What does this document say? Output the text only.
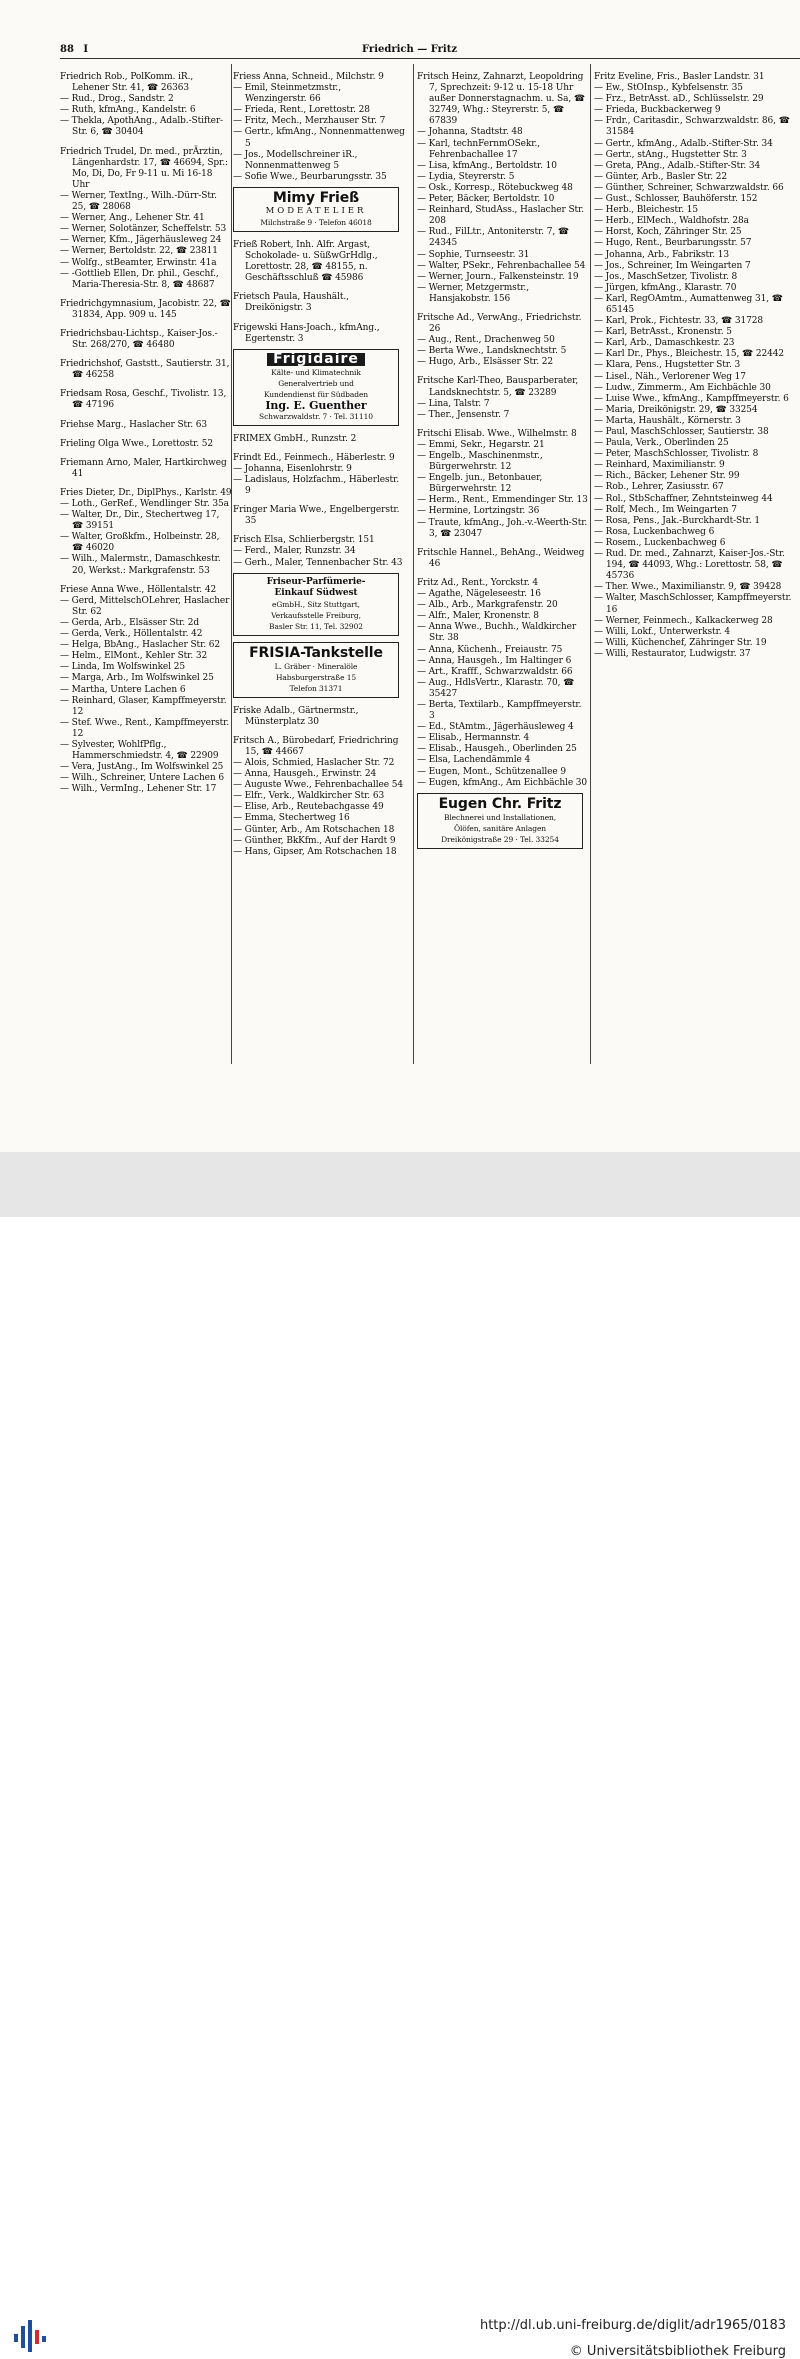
88 I	Friedrich — Fritz

Friedrich Rob., PolKomm. iR., Lehener Str. 41, ☎ 26363

— Rud., Drog., Sandstr. 2

— Ruth, kfmAng., Kandelstr. 6

— Thekla, ApothAng., Adalb.-Stifter-Str. 6, ☎ 30404

Friedrich Trudel, Dr. med., prÄrztin, Längenhardstr. 17, ☎ 46694, Spr.: Mo, Di, Do, Fr 9-11 u. Mi 16-18 Uhr

— Werner, TextIng., Wilh.-Dürr-Str. 25, ☎ 28068

— Werner, Ang., Lehener Str. 41

— Werner, Solotänzer, Scheffelstr. 53

— Werner, Kfm., Jägerhäusleweg 24

— Werner, Bertoldstr. 22, ☎ 23811

— Wolfg., stBeamter, Erwinstr. 41a

— -Gottlieb Ellen, Dr. phil., Geschf., Maria-Theresia-Str. 8, ☎ 48687

Friedrichgymnasium, Jacobistr. 22, ☎ 31834, App. 909 u. 145

Friedrichsbau-Lichtsp., Kaiser-Jos.-Str. 268/270, ☎ 46480

Friedrichshof, Gaststt., Sautierstr. 31, ☎ 46258

Friedsam Rosa, Geschf., Tivolistr. 13, ☎ 47196

Friehse Marg., Haslacher Str. 63

Frieling Olga Wwe., Lorettostr. 52

Friemann Arno, Maler, Hartkirchweg 41

Fries Dieter, Dr., DiplPhys., Karlstr. 49

— Loth., GerRef., Wendlinger Str. 35a

— Walter, Dr., Dir., Stechertweg 17, ☎ 39151

— Walter, Großkfm., Holbeinstr. 28, ☎ 46020

— Wilh., Malermstr., Damaschkestr. 20, Werkst.: Markgrafenstr. 53

Friese Anna Wwe., Höllentalstr. 42

— Gerd, MittelschOLehrer, Haslacher Str. 62

— Gerda, Arb., Elsässer Str. 2d

— Gerda, Verk., Höllentalstr. 42

— Helga, BbAng., Haslacher Str. 62

— Helm., ElMont., Kehler Str. 32

— Linda, Im Wolfswinkel 25

— Marga, Arb., Im Wolfswinkel 25

— Martha, Untere Lachen 6

— Reinhard, Glaser, Kampffmeyerstr. 12

— Stef. Wwe., Rent., Kampffmeyerstr. 12

— Sylvester, WohlfPflg., Hammerschmiedstr. 4, ☎ 22909

— Vera, JustAng., Im Wolfswinkel 25

— Wilh., Schreiner, Untere Lachen 6

— Wilh., VermIng., Lehener Str. 17

Friess Anna, Schneid., Milchstr. 9

— Emil, Steinmetzmstr., Wenzingerstr. 66

— Frieda, Rent., Lorettostr. 28

— Fritz, Mech., Merzhauser Str. 7

— Gertr., kfmAng., Nonnenmattenweg 5

— Jos., Modellschreiner iR., Nonnenmattenweg 5

— Sofie Wwe., Beurbarungsstr. 35

Mimy Frieß
MODEATELIER
Milchstraße 9 · Telefon 46018

Frieß Robert, Inh. Alfr. Argast, Schokolade- u. SüßwGrHdlg., Lorettostr. 28, ☎ 48155, n. Geschäftsschluß ☎ 45986

Frietsch Paula, Haushält., Dreikönigstr. 3

Frigewski Hans-Joach., kfmAng., Egertenstr. 3

Frigidaire
Kälte- und Klimatechnik
Generalvertrieb und
Kundendienst für Südbaden
Ing. E. Guenther
Schwarzwaldstr. 7 · Tel. 31110

FRIMEX GmbH., Runzstr. 2

Frindt Ed., Feinmech., Häberlestr. 9

— Johanna, Eisenlohrstr. 9

— Ladislaus, Holzfachm., Häberlestr. 9

Fringer Maria Wwe., Engelbergerstr. 35

Frisch Elsa, Schlierbergstr. 151

— Ferd., Maler, Runzstr. 34

— Gerh., Maler, Tennenbacher Str. 43

Friseur-Parfümerie-
Einkauf Südwest
eGmbH., Sitz Stuttgart,
Verkaufsstelle Freiburg,
Basler Str. 11, Tel. 32902
FRISIA-Tankstelle
L. Gräber · Mineralöle
Habsburgerstraße 15
Telefon 31371

Friske Adalb., Gärtnermstr., Münsterplatz 30

Fritsch A., Bürobedarf, Friedrichring 15, ☎ 44667

— Alois, Schmied, Haslacher Str. 72

— Anna, Hausgeh., Erwinstr. 24

— Auguste Wwe., Fehrenbachallee 54

— Elfr., Verk., Waldkircher Str. 63

— Elise, Arb., Reutebachgasse 49

— Emma, Stechertweg 16

— Günter, Arb., Am Rotschachen 18

— Günther, BkKfm., Auf der Hardt 9

— Hans, Gipser, Am Rotschachen 18

Fritsch Heinz, Zahnarzt, Leopoldring 7, Sprechzeit: 9-12 u. 15-18 Uhr außer Donnerstagnachm. u. Sa, ☎ 32749, Whg.: Steyrerstr. 5, ☎ 67839

— Johanna, Stadtstr. 48

— Karl, technFernmOSekr., Fehrenbachallee 17

— Lisa, kfmAng., Bertoldstr. 10

— Lydia, Steyrerstr. 5

— Osk., Korresp., Rötebuckweg 48

— Peter, Bäcker, Bertoldstr. 10

— Reinhard, StudAss., Haslacher Str. 208

— Rud., FilLtr., Antoniterstr. 7, ☎ 24345

— Sophie, Turnseestr. 31

— Walter, PSekr., Fehrenbachallee 54

— Werner, Journ., Falkensteinstr. 19

— Werner, Metzgermstr., Hansjakobstr. 156

Fritsche Ad., VerwAng., Friedrichstr. 26

— Aug., Rent., Drachenweg 50

— Berta Wwe., Landsknechtstr. 5

— Hugo, Arb., Elsässer Str. 22

Fritsche Karl-Theo, Bausparberater, Landsknechtstr. 5, ☎ 23289

— Lina, Talstr. 7

— Ther., Jensenstr. 7

Fritschi Elisab. Wwe., Wilhelmstr. 8

— Emmi, Sekr., Hegarstr. 21

— Engelb., Maschinenmstr., Bürgerwehrstr. 12

— Engelb. jun., Betonbauer, Bürgerwehrstr. 12

— Herm., Rent., Emmendinger Str. 13

— Hermine, Lortzingstr. 36

— Traute, kfmAng., Joh.-v.-Weerth-Str. 3, ☎ 23047

Fritschle Hannel., BehAng., Weidweg 46

Fritz Ad., Rent., Yorckstr. 4

— Agathe, Nägeleseestr. 16

— Alb., Arb., Markgrafenstr. 20

— Alfr., Maler, Kronenstr. 8

— Anna Wwe., Buchh., Waldkircher Str. 38

— Anna, Küchenh., Freiaustr. 75

— Anna, Hausgeh., Im Haltinger 6

— Art., Krafff., Schwarzwaldstr. 66

— Aug., HdlsVertr., Klarastr. 70, ☎ 35427

— Berta, Textilarb., Kampffmeyerstr. 3

— Ed., StAmtm., Jägerhäusleweg 4

— Elisab., Hermannstr. 4

— Elisab., Hausgeh., Oberlinden 25

— Elsa, Lachendämmle 4

— Eugen, Mont., Schützenallee 9

— Eugen, kfmAng., Am Eichbächle 30

Eugen Chr. Fritz
Blechnerei und Installationen,
Ölöfen, sanitäre Anlagen
Dreikönigstraße 29 · Tel. 33254

Fritz Eveline, Fris., Basler Landstr. 31

— Ew., StOInsp., Kybfelsenstr. 35

— Frz., BetrAsst. aD., Schlüsselstr. 29

— Frieda, Buckbackerweg 9

— Frdr., Caritasdir., Schwarzwaldstr. 86, ☎ 31584

— Gertr., kfmAng., Adalb.-Stifter-Str. 34

— Gertr., stAng., Hugstetter Str. 3

— Greta, PAng., Adalb.-Stifter-Str. 34

— Günter, Arb., Basler Str. 22

— Günther, Schreiner, Schwarzwaldstr. 66

— Gust., Schlosser, Bauhöferstr. 152

— Herb., Bleichestr. 15

— Herb., ElMech., Waldhofstr. 28a

— Horst, Koch, Zähringer Str. 25

— Hugo, Rent., Beurbarungsstr. 57

— Johanna, Arb., Fabrikstr. 13

— Jos., Schreiner, Im Weingarten 7

— Jos., MaschSetzer, Tivolistr. 8

— Jürgen, kfmAng., Klarastr. 70

— Karl, RegOAmtm., Aumattenweg 31, ☎ 65145

— Karl, Prok., Fichtestr. 33, ☎ 31728

— Karl, BetrAsst., Kronenstr. 5

— Karl, Arb., Damaschkestr. 23

— Karl Dr., Phys., Bleichestr. 15, ☎ 22442

— Klara, Pens., Hugstetter Str. 3

— Lisel., Näh., Verlorener Weg 17

— Ludw., Zimmerm., Am Eichbächle 30

— Luise Wwe., kfmAng., Kampffmeyerstr. 6

— Maria, Dreikönigstr. 29, ☎ 33254

— Marta, Haushält., Körnerstr. 3

— Paul, MaschSchlosser, Sautierstr. 38

— Paula, Verk., Oberlinden 25

— Peter, MaschSchlosser, Tivolistr. 8

— Reinhard, Maximilianstr. 9

— Rich., Bäcker, Lehener Str. 99

— Rob., Lehrer, Zasiusstr. 67

— Rol., StbSchaffner, Zehntsteinweg 44

— Rolf, Mech., Im Weingarten 7

— Rosa, Pens., Jak.-Burckhardt-Str. 1

— Rosa, Luckenbachweg 6

— Rosem., Luckenbachweg 6

— Rud. Dr. med., Zahnarzt, Kaiser-Jos.-Str. 194, ☎ 44093, Whg.: Lorettostr. 58, ☎ 45736

— Ther. Wwe., Maximilianstr. 9, ☎ 39428

— Walter, MaschSchlosser, Kampffmeyerstr. 16

— Werner, Feinmech., Kalkackerweg 28

— Willi, Lokf., Unterwerkstr. 4

— Willi, Küchenchef, Zähringer Str. 19

— Willi, Restaurator, Ludwigstr. 37

http://dl.ub.uni-freiburg.de/diglit/adr1965/0183
© Universitätsbibliothek Freiburg
